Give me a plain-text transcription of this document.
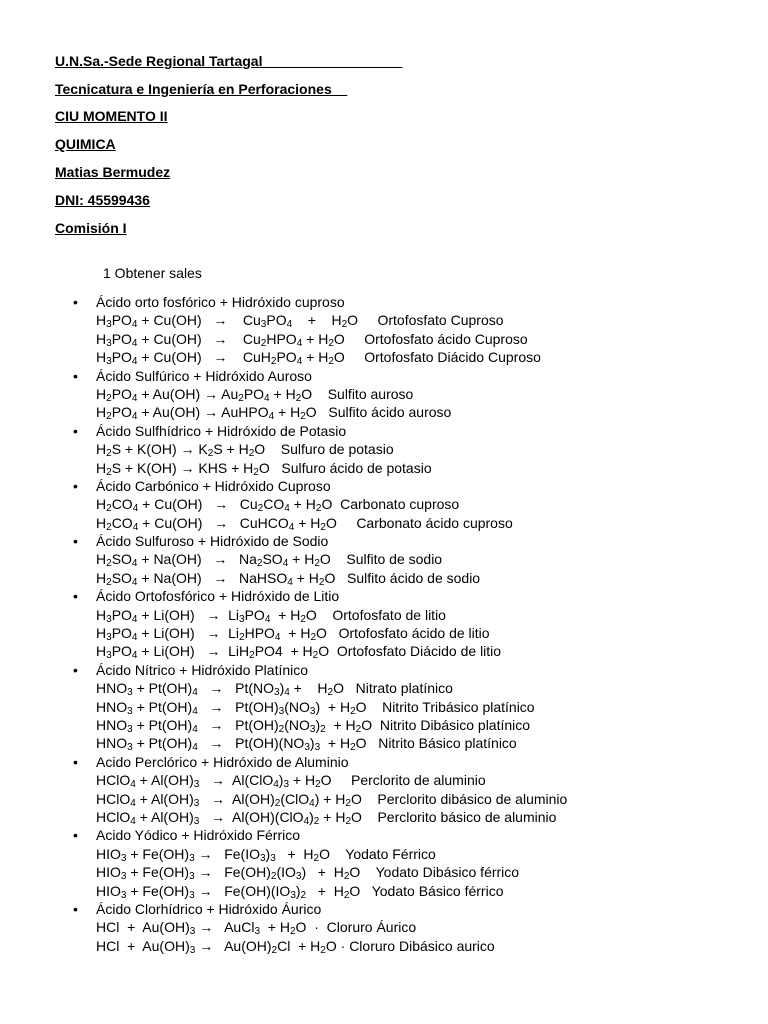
U.N.Sa.-Sede Regional Tartagal

Tecnicatura e Ingeniería en Perforaciones

CIU MOMENTO II

QUIMICA

Matias Bermudez

DNI: 45599436

Comisión I

1 Obtener sales
• Ácido orto fosfórico + Hidróxido cuproso
$H_3PO_4 + Cu(OH)$   →    $Cu_3PO_4$    +    $H_2O$     Ortofosfato Cuproso
$H_3PO_4 + Cu(OH)$   →    $Cu_2HPO_4 + H_2O$     Ortofosfato ácido Cuproso
$H_3PO_4 + Cu(OH)$   →    $CuH_2PO_4 + H_2O$     Ortofosfato Diácido Cuproso
• Ácido Sulfúrico + Hidróxido Auroso
$H_2PO_4 + Au(OH) \to Au_2PO_4 + H_2O$    Sulfito auroso
$H_2PO_4 + Au(OH)$ → AuHPO$_4$ + $H_2O$   Sulfito ácido auroso
• Ácido Sulfhídrico + Hidróxido de Potasio
$H_2S + K(OH) \to K_2S + H_2O$    Sulfuro de potasio
$H_2S + K(OH)$ → KHS + $H_2O$   Sulfuro ácido de potasio
• Ácido Carbónico + Hidróxido Cuproso
$H_2CO_4 + Cu(OH) \to Cu_2CO_4 + H_2O$  Carbonato cuproso
$H_2CO_4 + Cu(OH)$   →   CuHCO$_4$ + $H_2O$     Carbonato ácido cuproso
• Ácido Sulfuroso + Hidróxido de Sodio
$H_2SO_4 + Na(OH) \to Na_2SO_4 + H_2O$    Sulfito de sodio
$H_2SO_4 + Na(OH)$   →   NaHSO$_4$ + $H_2O$   Sulfito ácido de sodio
• Ácido Ortofosfórico + Hidróxido de Litio
$H_3PO_4 + Li(OH) \to Li_3PO_4 + H_2O$    Ortofosfato de litio
$H_3PO_4 + Li(OH) \to Li_2HPO_4 + H_2O$   Ortofosfato ácido de litio
$H_3PO_4 + Li(OH) \to LiH_2PO4 + H_2O$  Ortofosfato Diácido de litio
• Ácido Nítrico + Hidróxido Platínico
$HNO_3 + Pt(OH)_4 \to Pt(NO_3)_4$ +    $H_2O$   Nitrato platínico
$HNO_3 + Pt(OH)_4 \to Pt(OH)_3(NO_3) + H_2O$    Nitrito Tribásico platínico
$HNO_3 + Pt(OH)_4 \to Pt(OH)_2(NO_3)_2 + H_2O$  Nitrito Dibásico platínico
$HNO_3 + Pt(OH)_4 \to Pt(OH)(NO_3)_3 + H_2O$   Nitrito Básico platínico
• Acido Perclórico + Hidróxido de Aluminio
HClO$_4$ + $Al(OH)_3 \to Al(ClO_4)_3 + H_2O$     Perclorito de aluminio
HClO$_4$ + $Al(OH)_3 \to Al(OH)_2(ClO_4) + H_2O$    Perclorito dibásico de aluminio
HClO$_4$ + $Al(OH)_3 \to Al(OH)(ClO_4)_2 + H_2O$    Perclorito básico de aluminio
• Acido Yódico + Hidróxido Férrico
$HIO_3 + Fe(OH)_3 \to Fe(IO_3)_3 + H_2O$    Yodato Férrico
$HIO_3 + Fe(OH)_3 \to Fe(OH)_2(IO_3) + H_2O$    Yodato Dibásico férrico
$HIO_3 + Fe(OH)_3 \to Fe(OH)(IO_3)_2 + H_2O$   Yodato Básico férrico
• Ácido Clorhídrico + Hidróxido Áurico
HCl  +  $Au(OH)_3$ →   AuCl$_3$  + $H_2O$  ·  Cloruro Áurico
HCl  +  $Au(OH)_3 \to Au(OH)_2Cl + H_2O$ · Cloruro Dibásico aurico
